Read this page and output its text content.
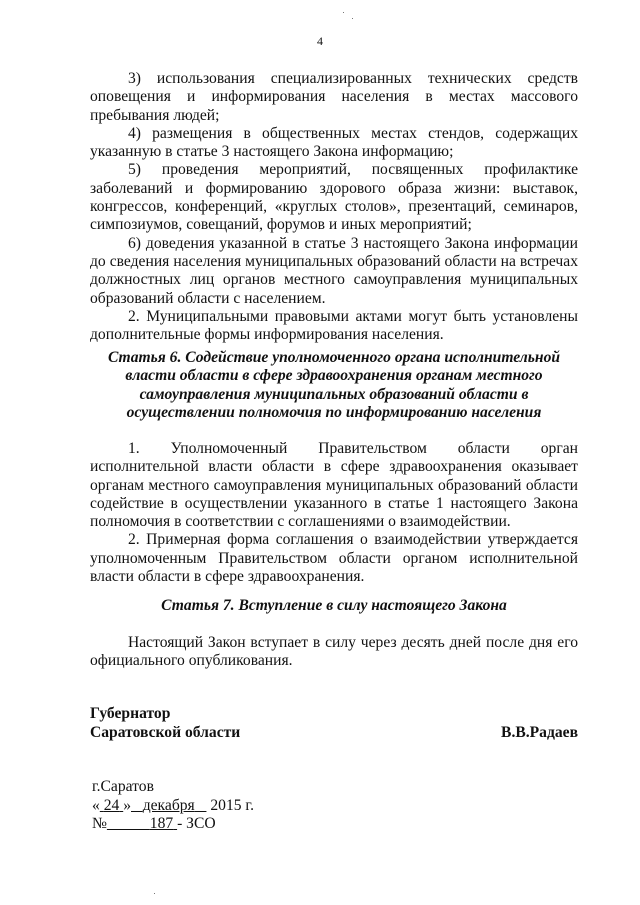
4

3) использования специализированных технических средств оповещения и информирования населения в местах массового пребывания людей;

4) размещения в общественных местах стендов, содержащих указанную в статье 3 настоящего Закона информацию;

5) проведения мероприятий, посвященных профилактике заболеваний и формированию здорового образа жизни: выставок, конгрессов, конференций, «круглых столов», презентаций, семинаров, симпозиумов, совещаний, форумов и иных мероприятий;

6) доведения указанной в статье 3 настоящего Закона информации до сведения населения муниципальных образований области на встречах должностных лиц органов местного самоуправления муниципальных образований области с населением.

2. Муниципальными правовыми актами могут быть установлены дополнительные формы информирования населения.

Статья 6. Содействие уполномоченного органа исполнительной власти области в сфере здравоохранения органам местного самоуправления муниципальных образований области в осуществлении полномочия по информированию населения

1. Уполномоченный Правительством области орган исполнительной власти области в сфере здравоохранения оказывает органам местного самоуправления муниципальных образований области содействие в осуществлении указанного в статье 1 настоящего Закона полномочия в соответствии с соглашениями о взаимодействии.

2. Примерная форма соглашения о взаимодействии утверждается уполномоченным Правительством области органом исполнительной власти области в сфере здравоохранения.

Статья 7. Вступление в силу настоящего Закона

Настоящий Закон вступает в силу через десять дней после дня его официального опубликования.

Губернатор
Саратовской области	В.В.Радаев
г.Саратов
« 24 » декабря 2015 г.
№	187 - ЗСО
